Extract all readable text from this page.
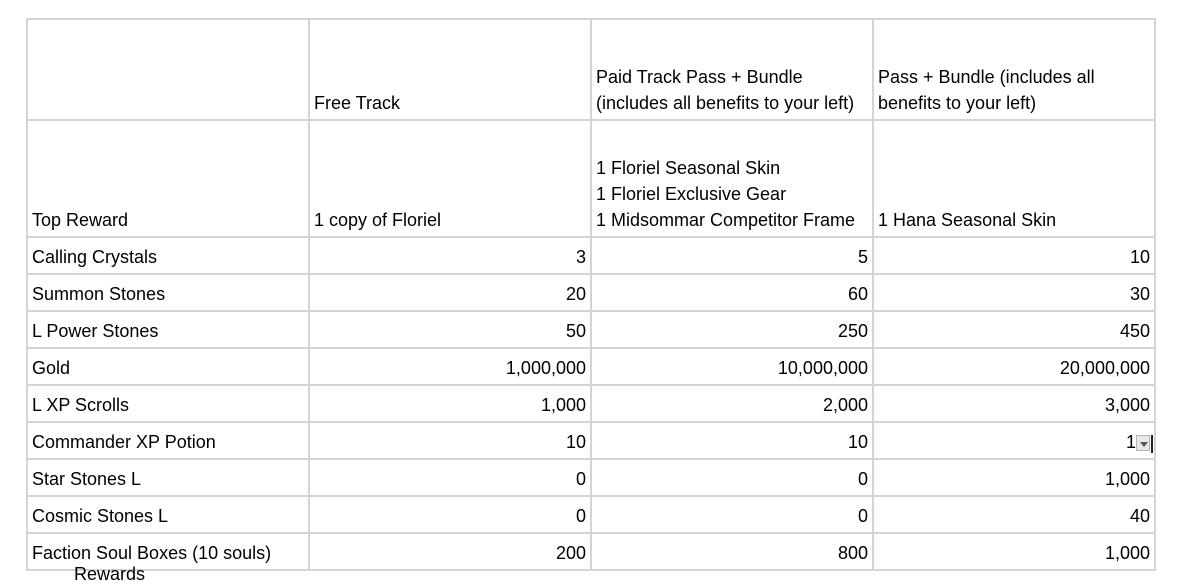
	Free Track	Paid Track Pass + Bundle (includes all benefits to your left)	Pass + Bundle (includes all benefits to your left)
Top Reward	1 copy of Floriel	1 Floriel Seasonal Skin
1 Floriel Exclusive Gear
1 Midsommar Competitor Frame	1 Hana Seasonal Skin
Calling Crystals	3	5	10
Summon Stones	20	60	30
L Power Stones	50	250	450
Gold	1,000,000	10,000,000	20,000,000
L XP Scrolls	1,000	2,000	3,000
Commander XP Potion	10	10	1

Star Stones L	0	0	1,000
Cosmic Stones L	0	0	40
Faction Soul Boxes (10 souls)	200	800	1,000
Rewards
